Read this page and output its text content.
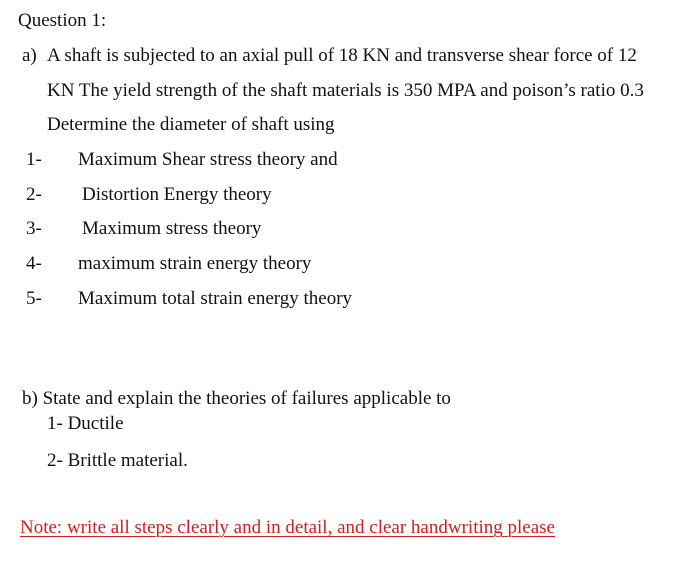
Question 1:
a) A shaft is subjected to an axial pull of 18 KN and transverse shear force of 12
KN The yield strength of the shaft materials is 350 MPA and poison’s ratio 0.3
Determine the diameter of shaft using
1- Maximum Shear stress theory and
2- Distortion Energy theory
3- Maximum stress theory
4- maximum strain energy theory
5- Maximum total strain energy theory
b) State and explain the theories of failures applicable to
1- Ductile
2- Brittle material.
Note: write all steps clearly and in detail, and clear handwriting please
